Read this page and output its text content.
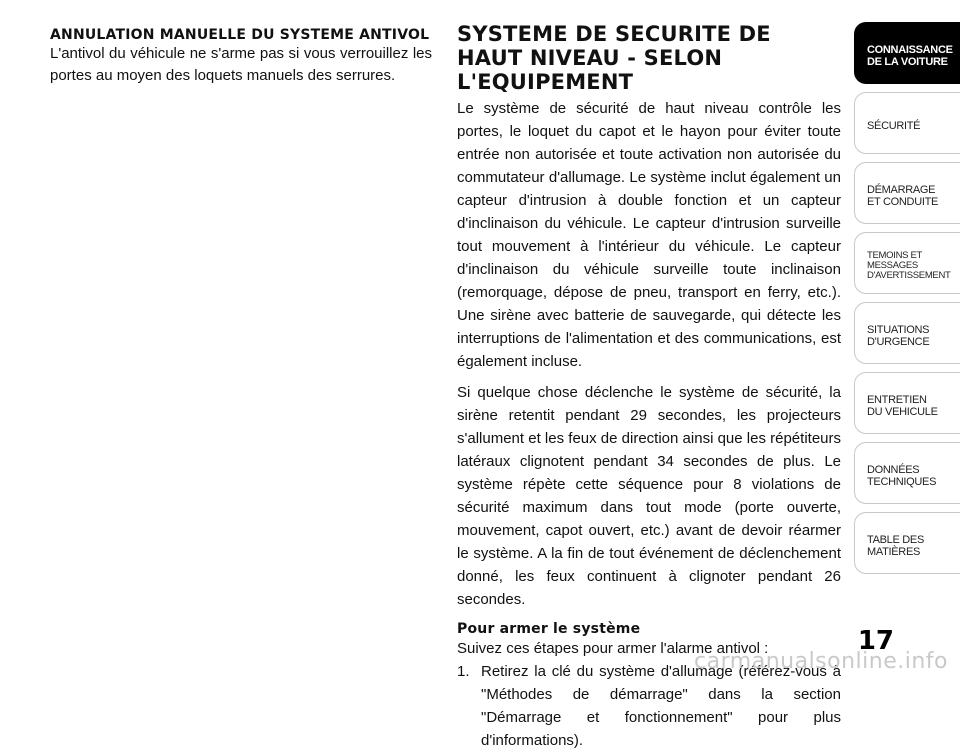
ANNULATION MANUELLE DU SYSTEME ANTIVOL

L'antivol du véhicule ne s'arme pas si vous verrouillez les portes au moyen des loquets manuels des serrures.

SYSTEME DE SECURITE DE HAUT NIVEAU - SELON L'EQUIPEMENT

Le système de sécurité de haut niveau contrôle les portes, le loquet du capot et le hayon pour éviter toute entrée non autorisée et toute activation non autorisée du commutateur d'allumage. Le système inclut également un capteur d'intrusion à double fonction et un capteur d'inclinaison du véhicule. Le capteur d'intrusion surveille tout mouvement à l'intérieur du véhicule. Le capteur d'inclinaison du véhicule surveille toute inclinaison (remorquage, dépose de pneu, transport en ferry, etc.). Une sirène avec batterie de sauvegarde, qui détecte les interruptions de l'alimentation et des communications, est également incluse.

Si quelque chose déclenche le système de sécurité, la sirène retentit pendant 29 secondes, les projecteurs s'allument et les feux de direction ainsi que les répétiteurs latéraux clignotent pendant 34 secondes de plus. Le système répète cette séquence pour 8 violations de sécurité maximum dans tout mode (porte ouverte, mouvement, capot ouvert, etc.) avant de devoir réarmer le système. A la fin de tout événement de déclenchement donné, les feux continuent à clignoter pendant 26 secondes.

Pour armer le système

Suivez ces étapes pour armer l'alarme antivol :

1. Retirez la clé du système d'allumage (référez-vous à "Méthodes de démarrage" dans la section "Démarrage et fonctionnement" pour plus d'informations).
CONNAISSANCE
DE LA VOITURE
SÉCURITÉ
DÉMARRAGE
ET CONDUITE
TEMOINS ET
MESSAGES
D'AVERTISSEMENT
SITUATIONS
D'URGENCE
ENTRETIEN
DU VEHICULE
DONNÉES
TECHNIQUES
TABLE DES
MATIÈRES
17
carmanualsonline.info
